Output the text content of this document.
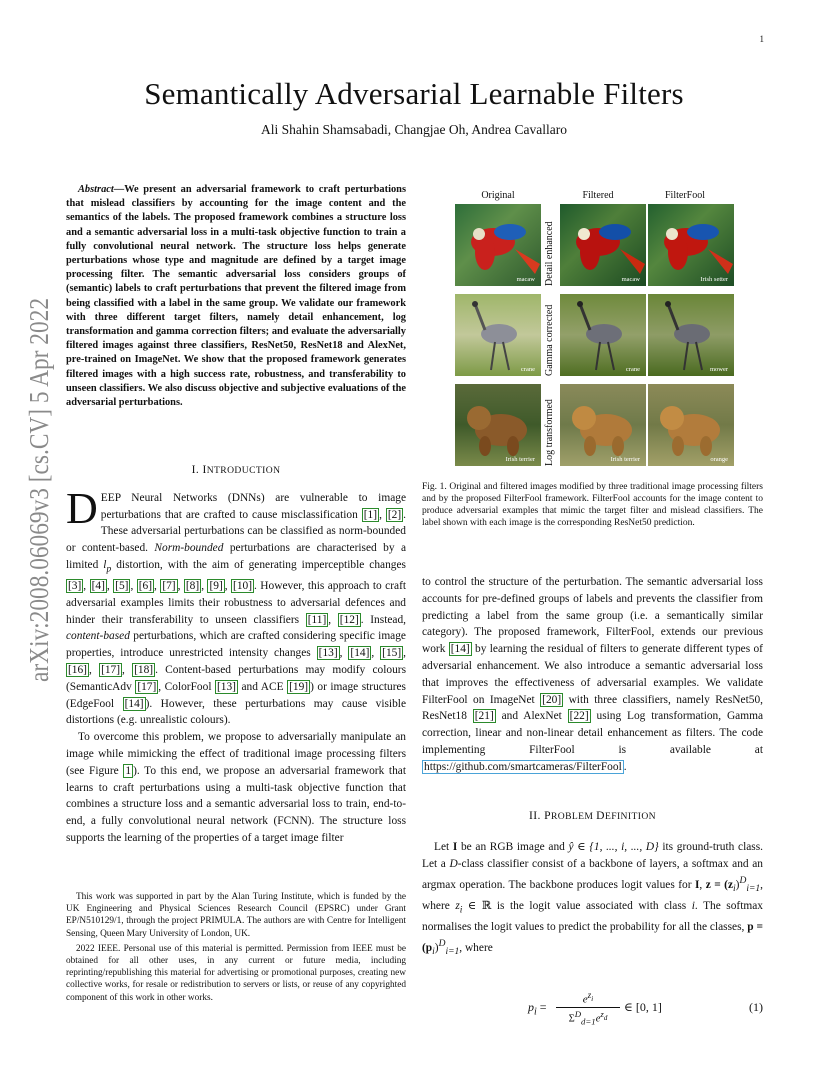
1
arXiv:2008.06069v3 [cs.CV] 5 Apr 2022
Semantically Adversarial Learnable Filters
Ali Shahin Shamsabadi, Changjae Oh, Andrea Cavallaro
Abstract—We present an adversarial framework to craft perturbations that mislead classifiers by accounting for the image content and the semantics of the labels. The proposed framework combines a structure loss and a semantic adversarial loss in a multi-task objective function to train a fully convolutional neural network. The structure loss helps generate perturbations whose type and magnitude are defined by a target image processing filter. The semantic adversarial loss considers groups of (semantic) labels to craft perturbations that prevent the filtered image from being classified with a label in the same group. We validate our framework with three different target filters, namely detail enhancement, log transformation and gamma correction filters; and evaluate the adversarially filtered images against three classifiers, ResNet50, ResNet18 and AlexNet, pre-trained on ImageNet. We show that the proposed framework generates filtered images with a high success rate, robustness, and transferability to unseen classifiers. We also discuss objective and subjective evaluations of the adversarial perturbations.
I. INTRODUCTION

DEEP Neural Networks (DNNs) are vulnerable to image perturbations that are crafted to cause misclassification [1] , [2] . These adversarial perturbations can be classified as norm-bounded or content-based. Norm-bounded perturbations are characterised by a limited $l_p$ distortion, with the aim of generating imperceptible changes [3] , [4] , [5] , [6] , [7] , [8] , [9] , [10] . However, this approach to craft adversarial examples limits their robustness to adversarial defences and hinder their transferability to unseen classifiers [11] , [12] . Instead, content-based perturbations, which are crafted considering specific image properties, introduce unrestricted intensity changes [13] , [14] , [15] , [16] , [17] , [18] . Content-based perturbations may modify colours (SemanticAdv [17] , ColorFool [13] and ACE [19] ) or image structures (EdgeFool [14] ). However, these perturbations may cause visible distortions (e.g. unrealistic colours).

To overcome this problem, we propose to adversarially manipulate an image while mimicking the effect of traditional image processing filters (see Figure 1 ). To this end, we propose an adversarial framework that learns to craft perturbations using a multi-task objective function that combines a structure loss and a semantic adversarial loss to train, end-to-end, a fully convolutional neural network (FCNN). The structure loss supports the learning of the properties of a target image filter

This work was supported in part by the Alan Turing Institute, which is funded by the UK Engineering and Physical Sciences Research Council (EPSRC) under Grant EP/N510129/1, through the project PRIMULA. The authors are with Centre for Intelligent Sensing, Queen Mary University of London, UK.

2022 IEEE. Personal use of this material is permitted. Permission from IEEE must be obtained for all other uses, in any current or future media, including reprinting/republishing this material for advertising or promotional purposes, creating new collective works, for resale or redistribution to servers or lists, or reuse of any copyrighted component of this work in other works.

Original	Filtered	FilterFool
Detail enhanced
Gamma corrected
Log transformed
macaw	macaw	Irish setter
crane	crane	mower
Irish terrier	Irish terrier	orange
Fig. 1. Original and filtered images modified by three traditional image processing filters and by the proposed FilterFool framework. FilterFool accounts for the image content to produce adversarial examples that mimic the target filter and mislead classifiers. The label shown with each image is the corresponding ResNet50 prediction.

to control the structure of the perturbation. The semantic adversarial loss accounts for pre-defined groups of labels and prevents the classifier from predicting a label from the same group (i.e. a semantically similar category). The proposed framework, FilterFool, extends our previous work [14] by learning the residual of filters to generate different types of adversarial enhancement. We also introduce a semantic adversarial loss that improves the effectiveness of adversarial examples. We validate FilterFool on ImageNet [20] with three classifiers, namely ResNet50, ResNet18 [21] and AlexNet [22] using Log transformation, Gamma correction, linear and non-linear detail enhancement as filters. The code implementing FilterFool is available at https://github.com/smartcameras/FilterFool .

II. PROBLEM DEFINITION

Let I be an RGB image and ŷ ∈ {1, ..., i, ..., D} its ground-truth class. Let a D-class classifier consist of a backbone of layers, a softmax and an argmax operation. The backbone produces logit values for I, $z = (z_i)^D_{i=1}$, where $z_i$ ∈ ℝ is the logit value associated with class i. The softmax normalises the logit values to predict the probability for all the classes, $p = (p_i)^D_{i=1}$, where

$p_i$ =
$e^{z_i}$
$\Sigma^D_{d=1}e^{z_d}$
∈ [0, 1]	(1)
